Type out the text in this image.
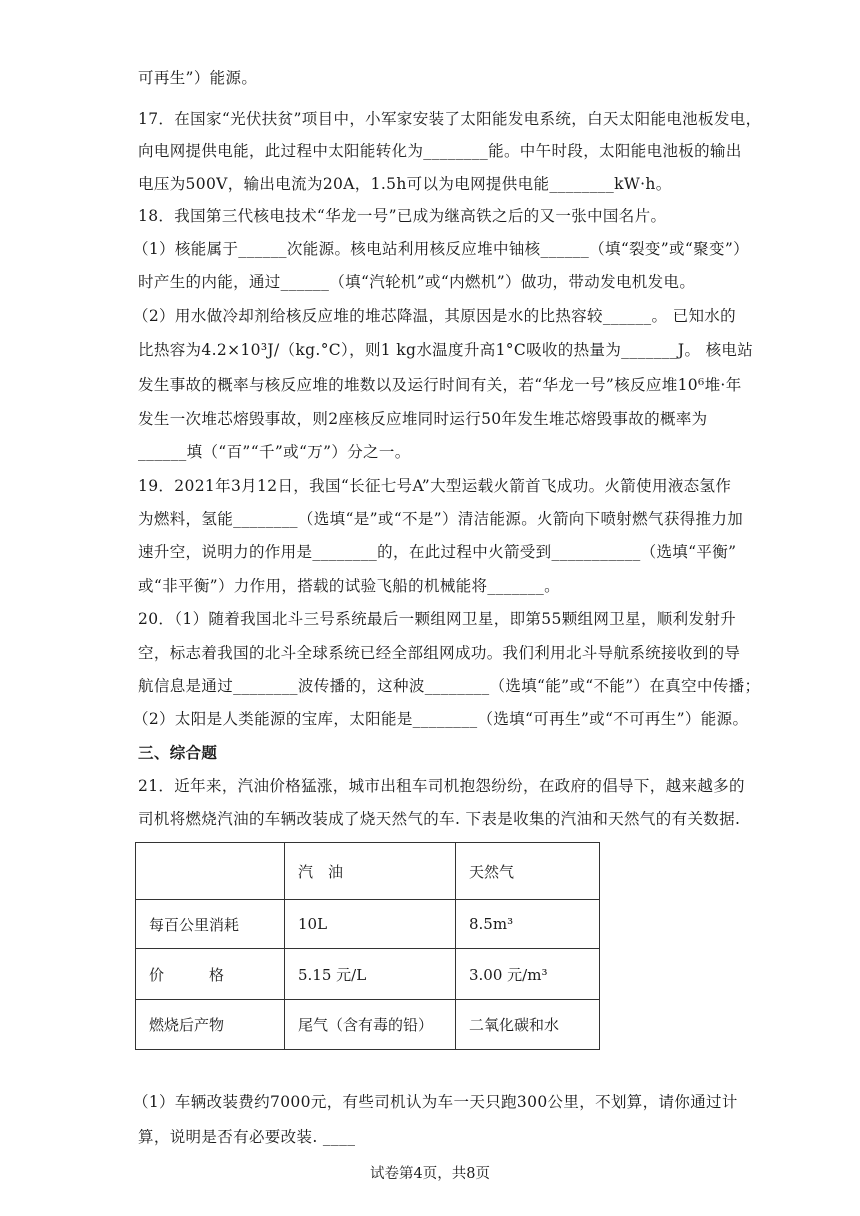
可再生”）能源。
17．在国家“光伏扶贫”项目中，小军家安装了太阳能发电系统，白天太阳能电池板发电，
向电网提供电能，此过程中太阳能转化为________能。中午时段，太阳能电池板的输出
电压为500V，输出电流为20A，1.5h可以为电网提供电能________kW·h。
18．我国第三代核电技术“华龙一号”已成为继高铁之后的又一张中国名片。
（1）核能属于______次能源。核电站利用核反应堆中铀核______（填“裂变”或“聚变”）
时产生的内能，通过______（填“汽轮机”或“内燃机”）做功，带动发电机发电。
（2）用水做冷却剂给核反应堆的堆芯降温，其原因是水的比热容较______。 已知水的
比热容为4.2×10³J/（kg.°C），则1 kg水温度升高1°C吸收的热量为_______J。 核电站
发生事故的概率与核反应堆的堆数以及运行时间有关，若“华龙一号”核反应堆10⁶堆·年
发生一次堆芯熔毁事故，则2座核反应堆同时运行50年发生堆芯熔毁事故的概率为
______填（“百”“千”或“万”）分之一。
19．2021年3月12日，我国“长征七号A”大型运载火箭首飞成功。火箭使用液态氢作
为燃料，氢能________（选填“是”或“不是”）清洁能源。火箭向下喷射燃气获得推力加
速升空，说明力的作用是________的，在此过程中火箭受到___________（选填“平衡”
或“非平衡”）力作用，搭载的试验飞船的机械能将_______。
20．（1）随着我国北斗三号系统最后一颗组网卫星，即第55颗组网卫星，顺利发射升
空，标志着我国的北斗全球系统已经全部组网成功。我们利用北斗导航系统接收到的导
航信息是通过________波传播的，这种波________（选填“能”或“不能”）在真空中传播；
（2）太阳是人类能源的宝库，太阳能是________（选填“可再生”或“不可再生”）能源。
三、综合题
21．近年来，汽油价格猛涨，城市出租车司机抱怨纷纷，在政府的倡导下，越来越多的
司机将燃烧汽油的车辆改装成了烧天然气的车. 下表是收集的汽油和天然气的有关数据.
	汽　油	天然气
每百公里消耗	10L	8.5m³
价　　　格	5.15 元/L	3.00 元/m³
燃烧后产物	尾气（含有毒的铅）	二氧化碳和水
（1）车辆改装费约7000元，有些司机认为车一天只跑300公里，不划算，请你通过计
算，说明是否有必要改装. ____
试卷第4页，共8页
